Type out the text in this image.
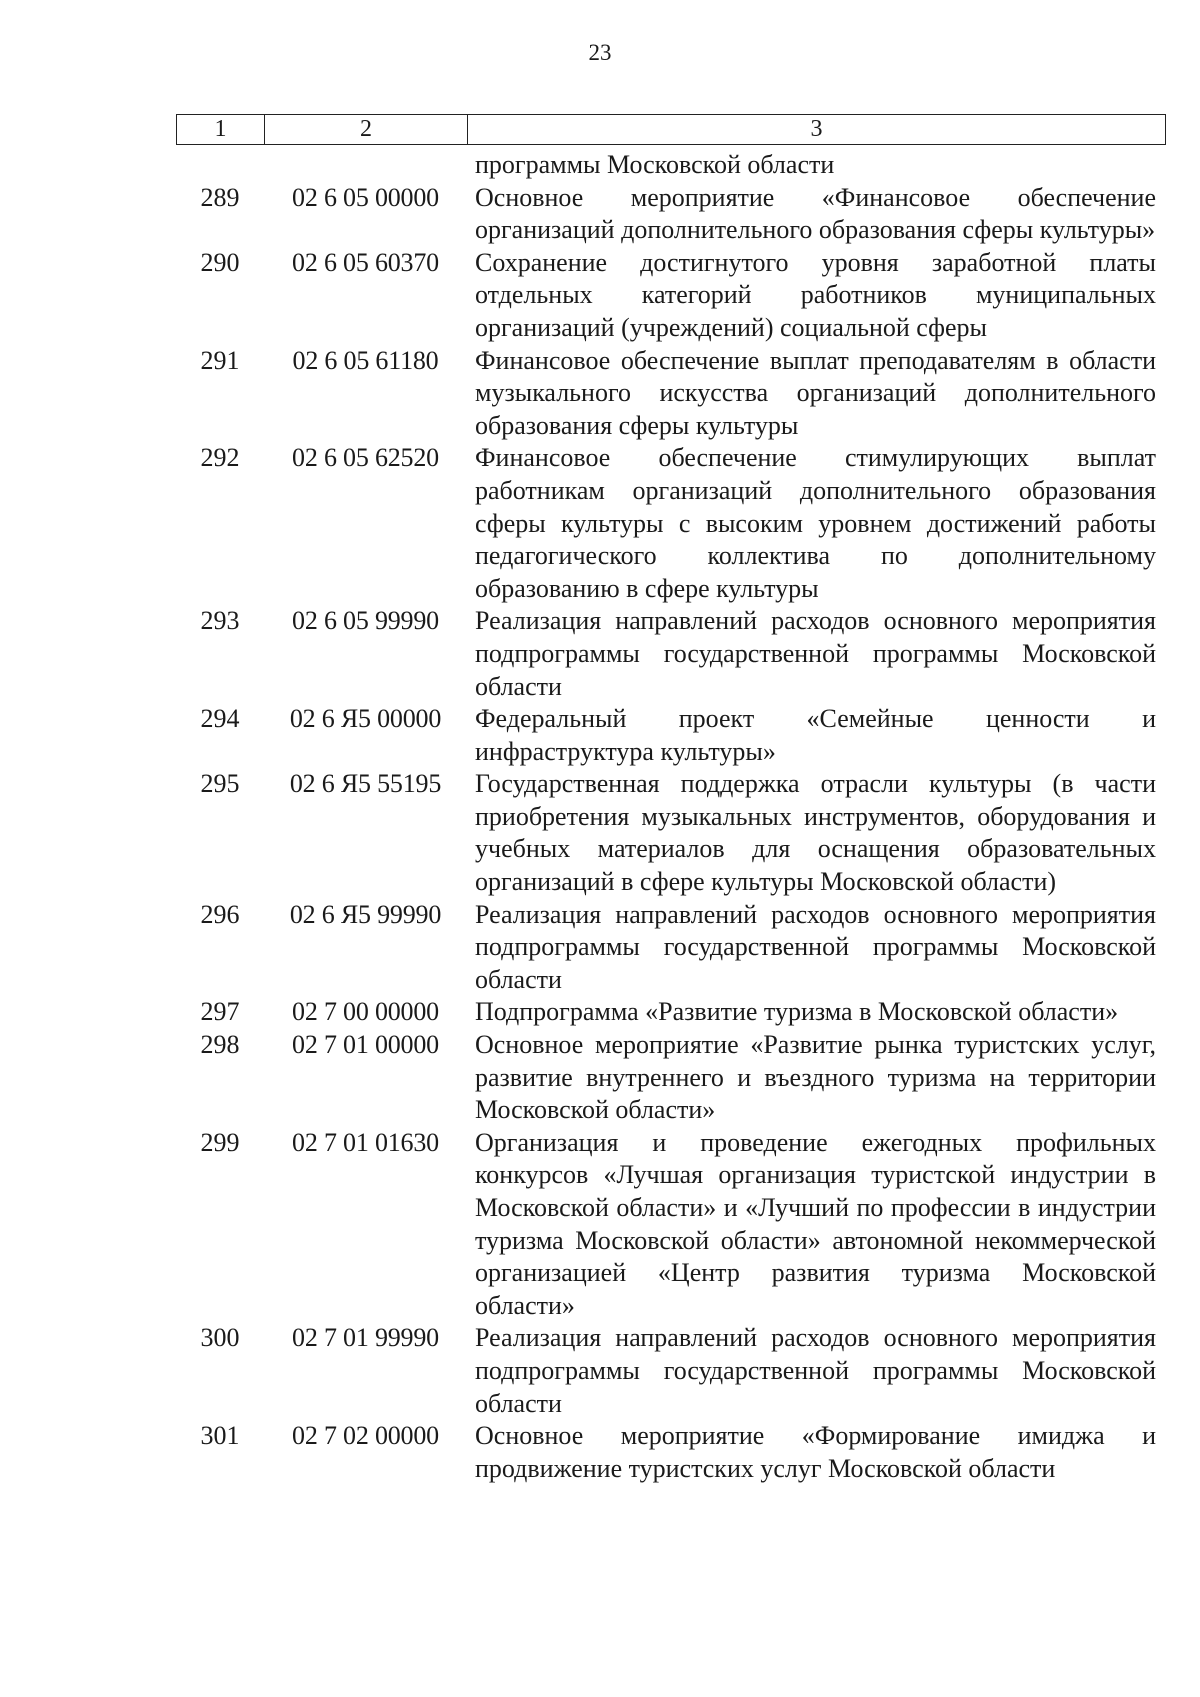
23
1	2	3
программы Московской области
289	02 6 05 00000	Основное мероприятие «Финансовое обеспечение организаций дополнительного образования сферы культуры»
290	02 6 05 60370	Сохранение достигнутого уровня заработной платы отдельных категорий работников муниципальных организаций (учреждений) социальной сферы
291	02 6 05 61180	Финансовое обеспечение выплат преподавателям в области музыкального искусства организаций дополнительного образования сферы культуры
292	02 6 05 62520	Финансовое обеспечение стимулирующих выплат работникам организаций дополнительного образования сферы культуры с высоким уровнем достижений работы педагогического коллектива по дополнительному образованию в сфере культуры
293	02 6 05 99990	Реализация направлений расходов основного мероприятия подпрограммы государственной программы Московской области
294	02 6 Я5 00000	Федеральный проект «Семейные ценности и инфраструктура культуры»
295	02 6 Я5 55195	Государственная поддержка отрасли культуры (в части приобретения музыкальных инструментов, оборудования и учебных материалов для оснащения образовательных организаций в сфере культуры Московской области)
296	02 6 Я5 99990	Реализация направлений расходов основного мероприятия подпрограммы государственной программы Московской области
297	02 7 00 00000	Подпрограмма «Развитие туризма в Московской области»
298	02 7 01 00000	Основное мероприятие «Развитие рынка туристских услуг, развитие внутреннего и въездного туризма на территории Московской области»
299	02 7 01 01630	Организация и проведение ежегодных профильных конкурсов «Лучшая организация туристской индустрии в Московской области» и «Лучший по профессии в индустрии туризма Московской области» автономной некоммерческой организацией «Центр развития туризма Московской области»
300	02 7 01 99990	Реализация направлений расходов основного мероприятия подпрограммы государственной программы Московской области
301	02 7 02 00000	Основное мероприятие «Формирование имиджа и продвижение туристских услуг Московской области
